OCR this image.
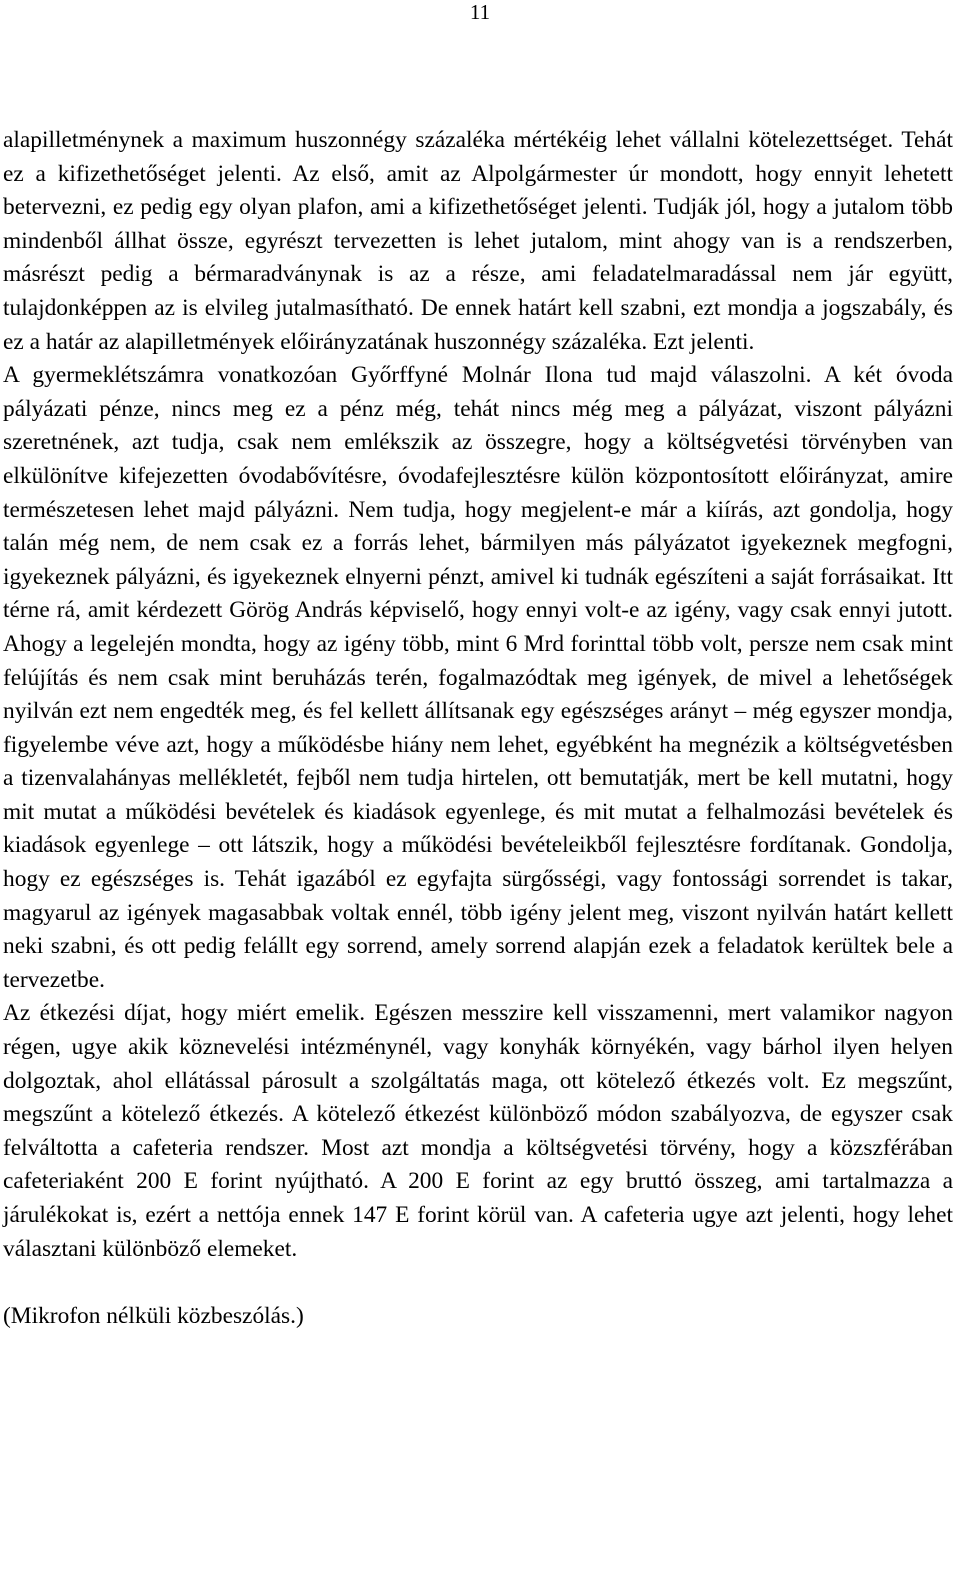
11

alapilletménynek a maximum huszonnégy százaléka mértékéig lehet vállalni kötelezettséget. Tehát ez a kifizethetőséget jelenti. Az első, amit az Alpolgármester úr mondott, hogy ennyit lehetett betervezni, ez pedig egy olyan plafon, ami a kifizethetőséget jelenti. Tudják jól, hogy a jutalom több mindenből állhat össze, egyrészt tervezetten is lehet jutalom, mint ahogy van is a rendszerben, másrészt pedig a bérmaradványnak is az a része, ami feladatelmaradással nem jár együtt, tulajdonképpen az is elvileg jutalmasítható. De ennek határt kell szabni, ezt mondja a jogszabály, és ez a határ az alapilletmények előirányzatának huszonnégy százaléka. Ezt jelenti.

A gyermeklétszámra vonatkozóan Győrffyné Molnár Ilona tud majd válaszolni. A két óvoda pályázati pénze, nincs meg ez a pénz még, tehát nincs még meg a pályázat, viszont pályázni szeretnének, azt tudja, csak nem emlékszik az összegre, hogy a költségvetési törvényben van elkülönítve kifejezetten óvodabővítésre, óvodafejlesztésre külön központosított előirányzat, amire természetesen lehet majd pályázni. Nem tudja, hogy megjelent-e már a kiírás, azt gondolja, hogy talán még nem, de nem csak ez a forrás lehet, bármilyen más pályázatot igyekeznek megfogni, igyekeznek pályázni, és igyekeznek elnyerni pénzt, amivel ki tudnák egészíteni a saját forrásaikat. Itt térne rá, amit kérdezett Görög András képviselő, hogy ennyi volt-e az igény, vagy csak ennyi jutott. Ahogy a legelején mondta, hogy az igény több, mint 6 Mrd forinttal több volt, persze nem csak mint felújítás és nem csak mint beruházás terén, fogalmazódtak meg igények, de mivel a lehetőségek nyilván ezt nem engedték meg, és fel kellett állítsanak egy egészséges arányt – még egyszer mondja, figyelembe véve azt, hogy a működésbe hiány nem lehet, egyébként ha megnézik a költségvetésben a tizenvalahányas mellékletét, fejből nem tudja hirtelen, ott bemutatják, mert be kell mutatni, hogy mit mutat a működési bevételek és kiadások egyenlege, és mit mutat a felhalmozási bevételek és kiadások egyenlege – ott látszik, hogy a működési bevételeikből fejlesztésre fordítanak. Gondolja, hogy ez egészséges is. Tehát igazából ez egyfajta sürgősségi, vagy fontossági sorrendet is takar, magyarul az igények magasabbak voltak ennél, több igény jelent meg, viszont nyilván határt kellett neki szabni, és ott pedig felállt egy sorrend, amely sorrend alapján ezek a feladatok kerültek bele a tervezetbe.

Az étkezési díjat, hogy miért emelik. Egészen messzire kell visszamenni, mert valamikor nagyon régen, ugye akik köznevelési intézménynél, vagy konyhák környékén, vagy bárhol ilyen helyen dolgoztak, ahol ellátással párosult a szolgáltatás maga, ott kötelező étkezés volt. Ez megszűnt, megszűnt a kötelező étkezés. A kötelező étkezést különböző módon szabályozva, de egyszer csak felváltotta a cafeteria rendszer. Most azt mondja a költségvetési törvény, hogy a közszférában cafeteriaként 200 E forint nyújtható. A 200 E forint az egy bruttó összeg, ami tartalmazza a járulékokat is, ezért a nettója ennek 147 E forint körül van. A cafeteria ugye azt jelenti, hogy lehet választani különböző elemeket.

(Mikrofon nélküli közbeszólás.)
